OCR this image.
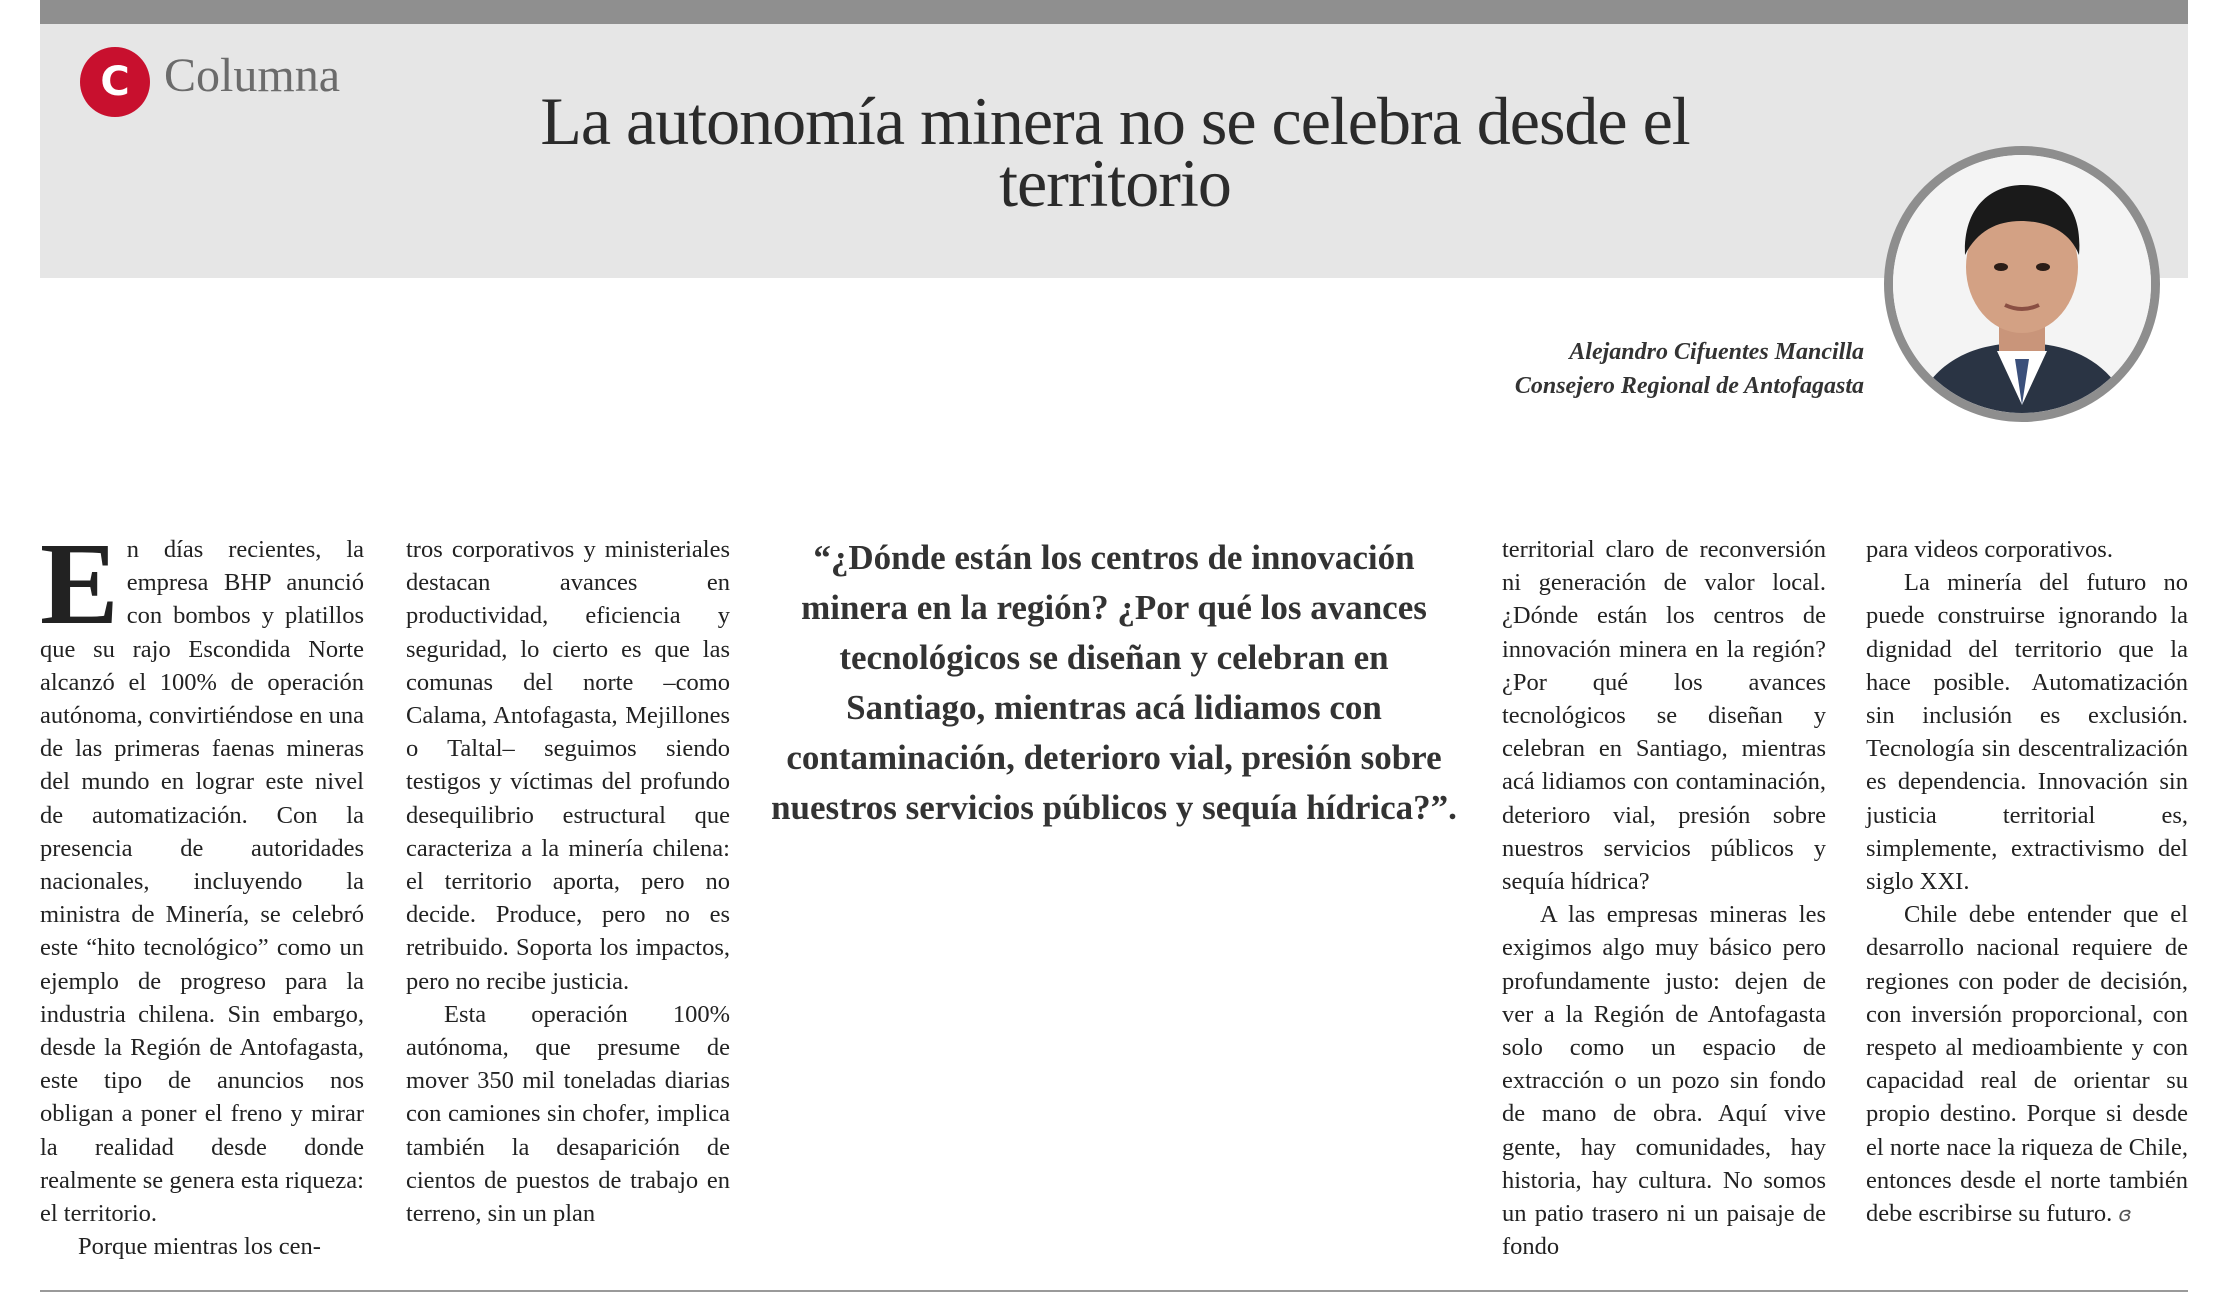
C Columna
La autonomía minera no se celebra desde el territorio
Alejandro Cifuentes Mancilla
Consejero Regional de Antofagasta

En días recientes, la empresa BHP anunció con bombos y platillos que su rajo Escondida Norte alcanzó el 100% de operación autónoma, convirtiéndose en una de las primeras faenas mineras del mundo en lograr este nivel de automatización. Con la presencia de autoridades nacionales, incluyendo la ministra de Minería, se celebró este “hito tecnológico” como un ejemplo de progreso para la industria chilena. Sin embargo, desde la Región de Antofagasta, este tipo de anuncios nos obligan a poner el freno y mirar la realidad desde donde realmente se genera esta riqueza: el territorio.

Porque mientras los cen-

tros corporativos y ministeriales destacan avances en productividad, eficiencia y seguridad, lo cierto es que las comunas del norte –como Calama, Antofagasta, Mejillones o Taltal– seguimos siendo testigos y víctimas del profundo desequilibrio estructural que caracteriza a la minería chilena: el territorio aporta, pero no decide. Produce, pero no es retribuido. Soporta los impactos, pero no recibe justicia.

Esta operación 100% autónoma, que presume de mover 350 mil toneladas diarias con camiones sin chofer, implica también la desaparición de cientos de puestos de trabajo en terreno, sin un plan

“¿Dónde están los centros de innovación minera en la región? ¿Por qué los avances tecnológicos se diseñan y celebran en Santiago, mientras acá lidiamos con contaminación, deterioro vial, presión sobre nuestros servicios públicos y sequía hídrica?”.

territorial claro de reconversión ni generación de valor local. ¿Dónde están los centros de innovación minera en la región? ¿Por qué los avances tecnológicos se diseñan y celebran en Santiago, mientras acá lidiamos con contaminación, deterioro vial, presión sobre nuestros servicios públicos y sequía hídrica?

A las empresas mineras les exigimos algo muy básico pero profundamente justo: dejen de ver a la Región de Antofagasta solo como un espacio de extracción o un pozo sin fondo de mano de obra. Aquí vive gente, hay comunidades, hay historia, hay cultura. No somos un patio trasero ni un paisaje de fondo

para videos corporativos.

La minería del futuro no puede construirse ignorando la dignidad del territorio que la hace posible. Automatización sin inclusión es exclusión. Tecnología sin descentralización es dependencia. Innovación sin justicia territorial es, simplemente, extractivismo del siglo XXI.

Chile debe entender que el desarrollo nacional requiere de regiones con poder de decisión, con inversión proporcional, con respeto al medioambiente y con capacidad real de orientar su propio destino. Porque si desde el norte nace la riqueza de Chile, entonces desde el norte también debe escribirse su futuro. ɞ
